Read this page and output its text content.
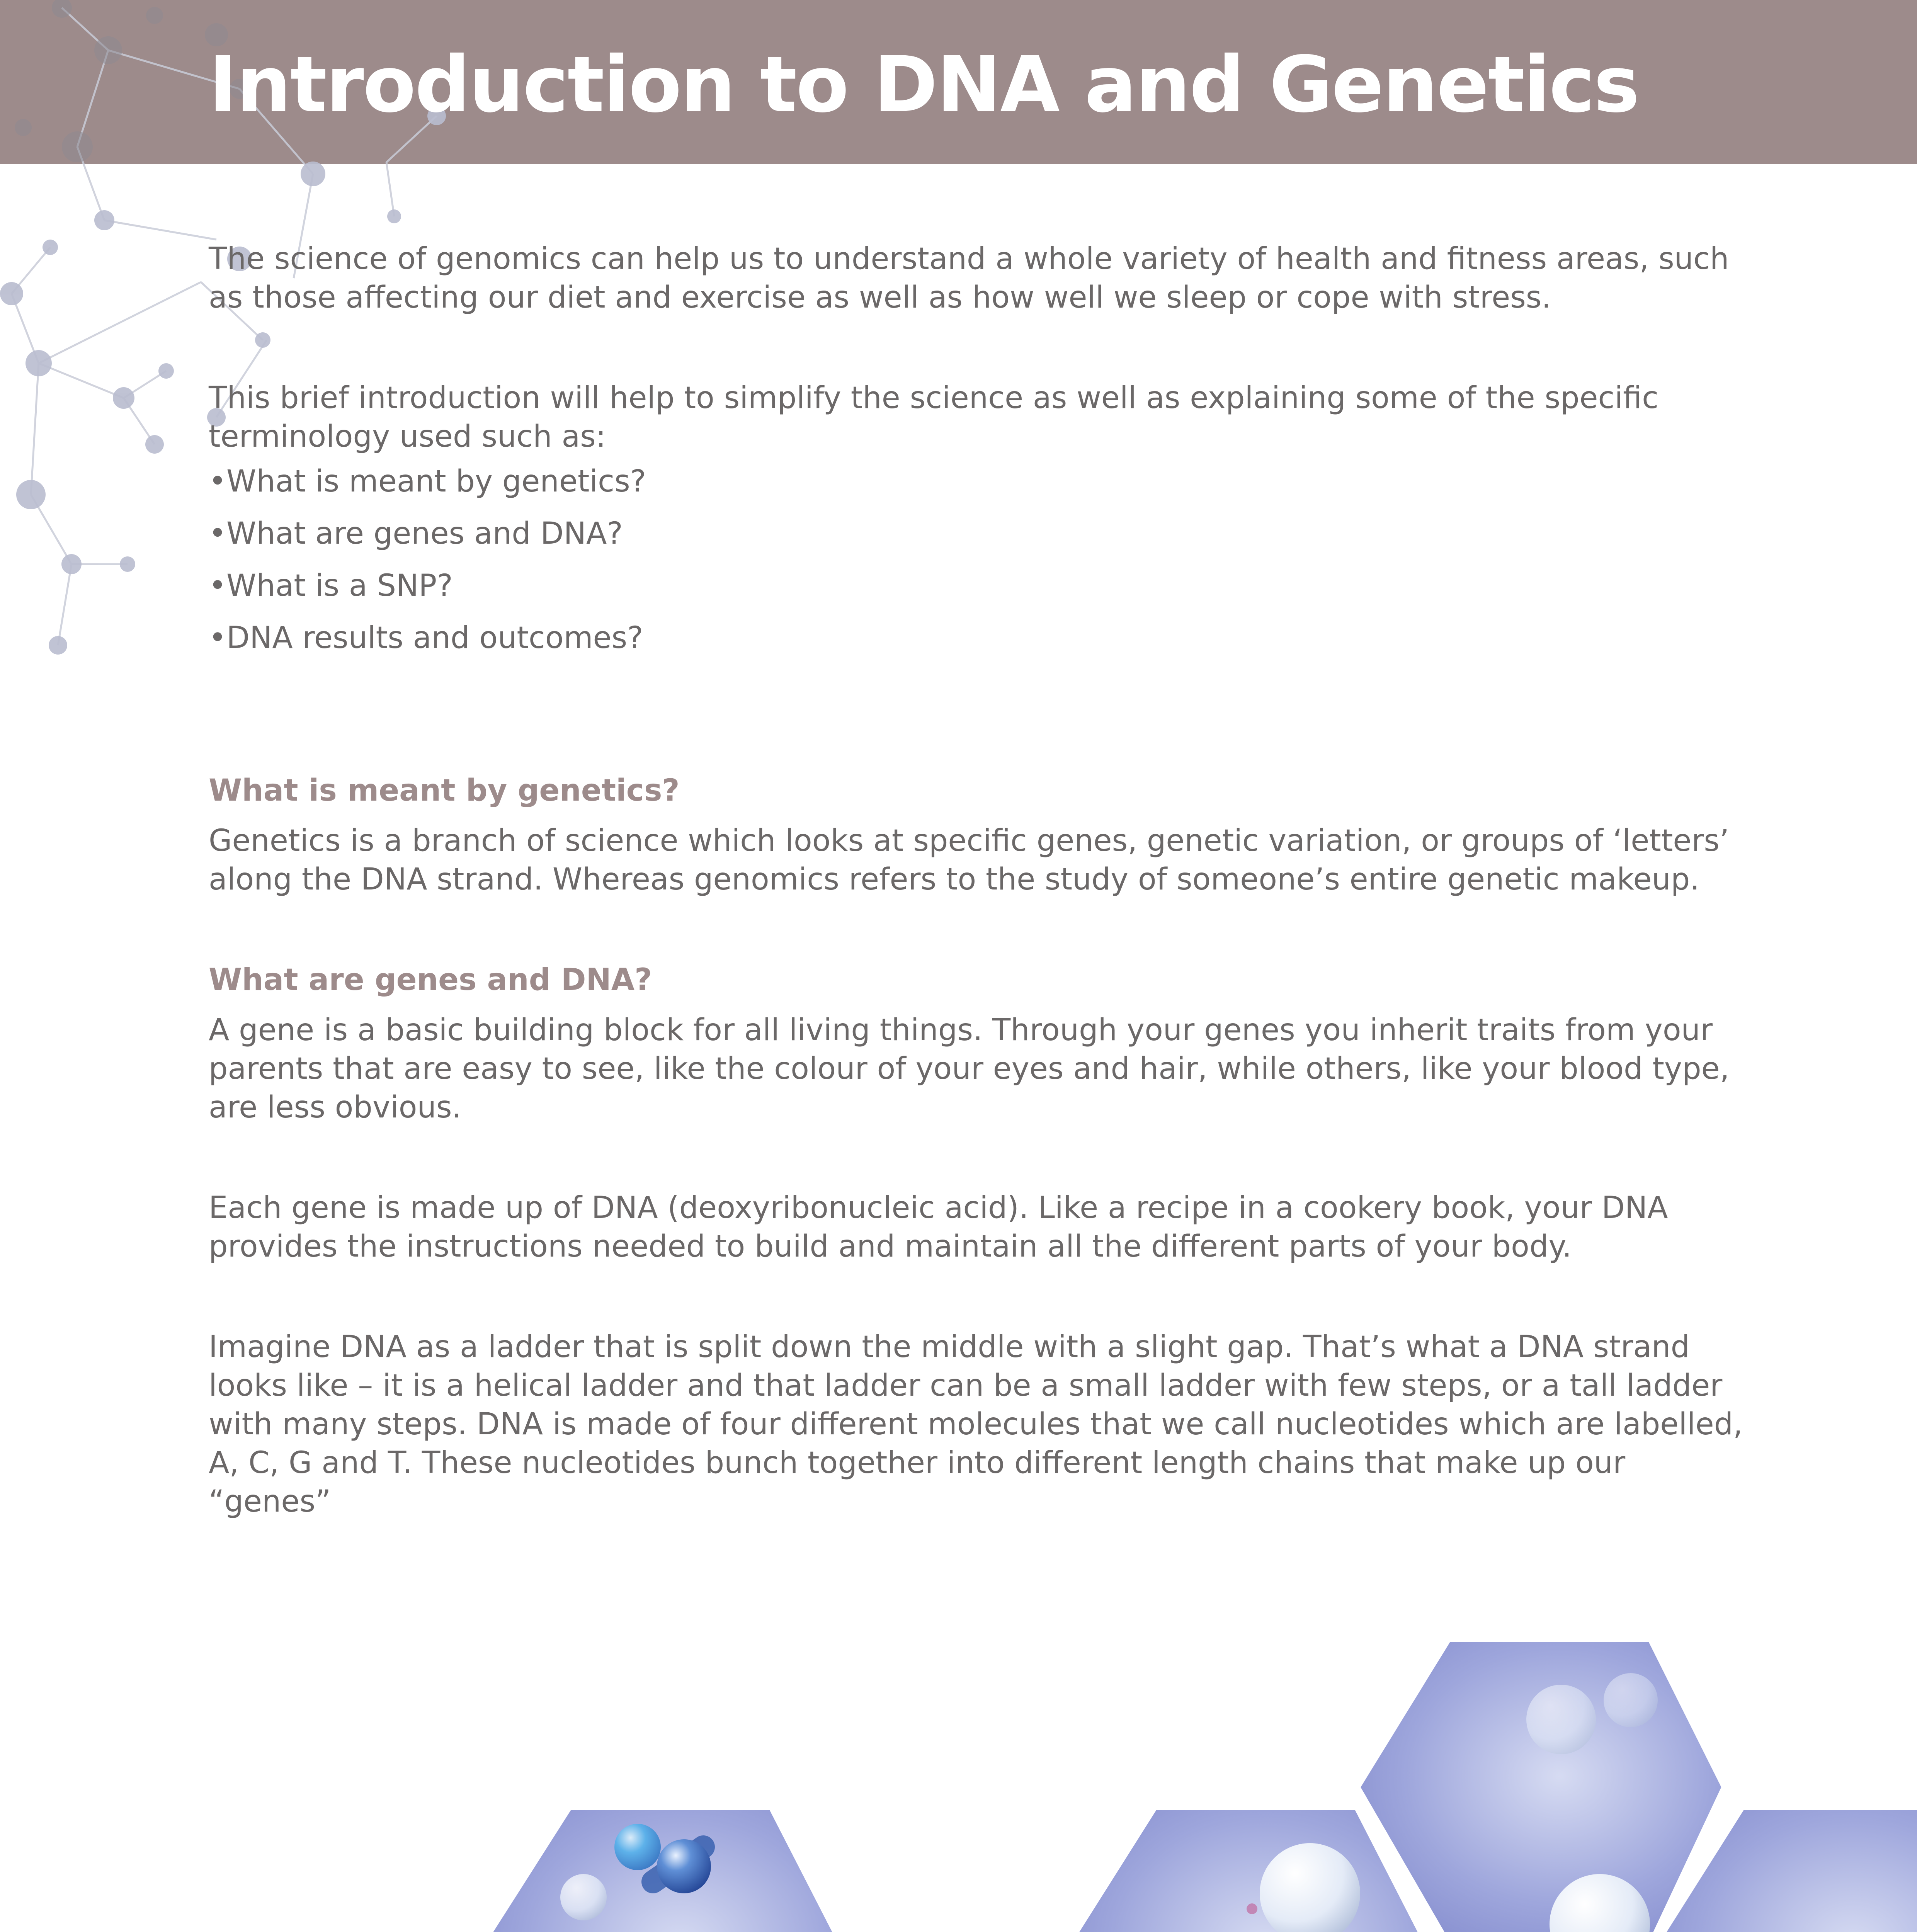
Introduction to DNA and Genetics

The science of genomics can help us to understand a whole variety of health and fitness areas, such as those affecting our diet and exercise as well as how well we sleep or cope with stress.

This brief introduction will help to simplify the science as well as explaining some of the specific terminology used such as:

• What is meant by genetics?
• What are genes and DNA?
• What is a SNP?
• DNA results and outcomes?
What is meant by genetics?

Genetics is a branch of science which looks at specific genes, genetic variation, or groups of ‘letters’ along the DNA strand. Whereas genomics refers to the study of someone’s entire genetic makeup.

What are genes and DNA?

A gene is a basic building block for all living things. Through your genes you inherit traits from your parents that are easy to see, like the colour of your eyes and hair, while others, like your blood type, are less obvious.

Each gene is made up of DNA (deoxyribonucleic acid). Like a recipe in a cookery book, your DNA provides the instructions needed to build and maintain all the different parts of your body.

Imagine DNA as a ladder that is split down the middle with a slight gap. That’s what a DNA strand looks like – it is a helical ladder and that ladder can be a small ladder with few steps, or a tall ladder with many steps. DNA is made of four different molecules that we call nucleotides which are labelled, A, C, G and T. These nucleotides bunch together into different length chains that make up our “genes”
